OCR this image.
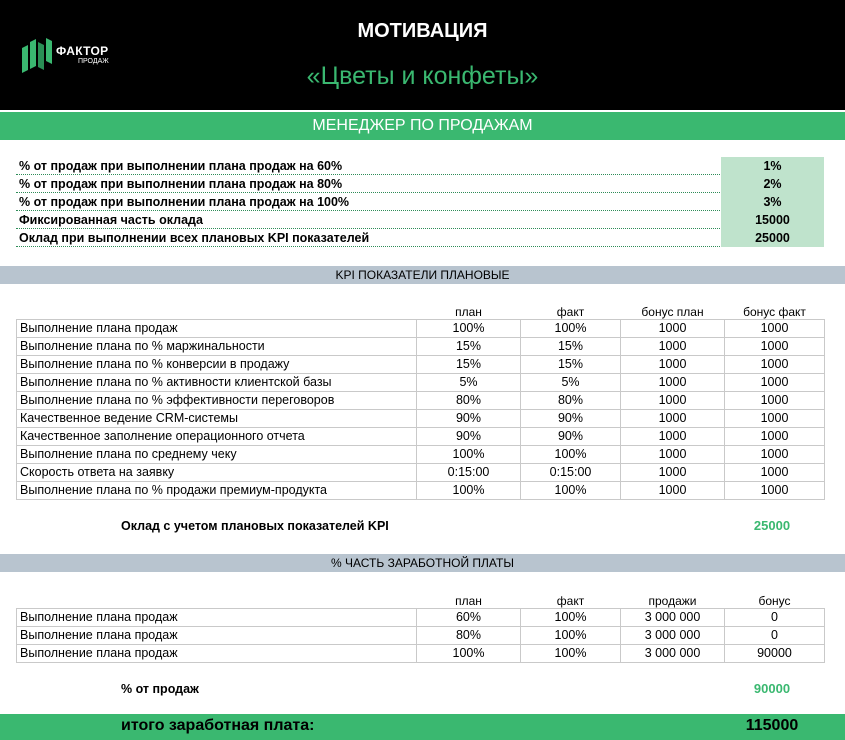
ФАКТОР
ПРОДАЖ
МОТИВАЦИЯ
«Цветы и конфеты»
МЕНЕДЖЕР ПО ПРОДАЖАМ
% от продаж при выполнении плана продаж на 60%	1%
% от продаж при выполнении плана продаж на 80%	2%
% от продаж при выполнении плана продаж на 100%	3%
Фиксированная часть оклада	15000
Оклад при выполнении всех плановых KPI показателей	25000
KPI ПОКАЗАТЕЛИ ПЛАНОВЫЕ
	план	факт	бонус план	бонус факт
Выполнение плана продаж	100%	100%	1000	1000
Выполнение плана по % маржинальности	15%	15%	1000	1000
Выполнение плана по % конверсии в продажу	15%	15%	1000	1000
Выполнение плана по % активности клиентской базы	5%	5%	1000	1000
Выполнение плана по % эффективности переговоров	80%	80%	1000	1000
Качественное ведение CRM-системы	90%	90%	1000	1000
Качественное заполнение операционного отчета	90%	90%	1000	1000
Выполнение плана по среднему чеку	100%	100%	1000	1000
Скорость ответа на заявку	0:15:00	0:15:00	1000	1000
Выполнение плана по % продажи премиум-продукта	100%	100%	1000	1000
Оклад с учетом плановых показателей KPI	25000
% ЧАСТЬ ЗАРАБОТНОЙ ПЛАТЫ
	план	факт	продажи	бонус
Выполнение плана продаж	60%	100%	3 000 000	0
Выполнение плана продаж	80%	100%	3 000 000	0
Выполнение плана продаж	100%	100%	3 000 000	90000
% от продаж	90000
итого заработная плата:	115000
